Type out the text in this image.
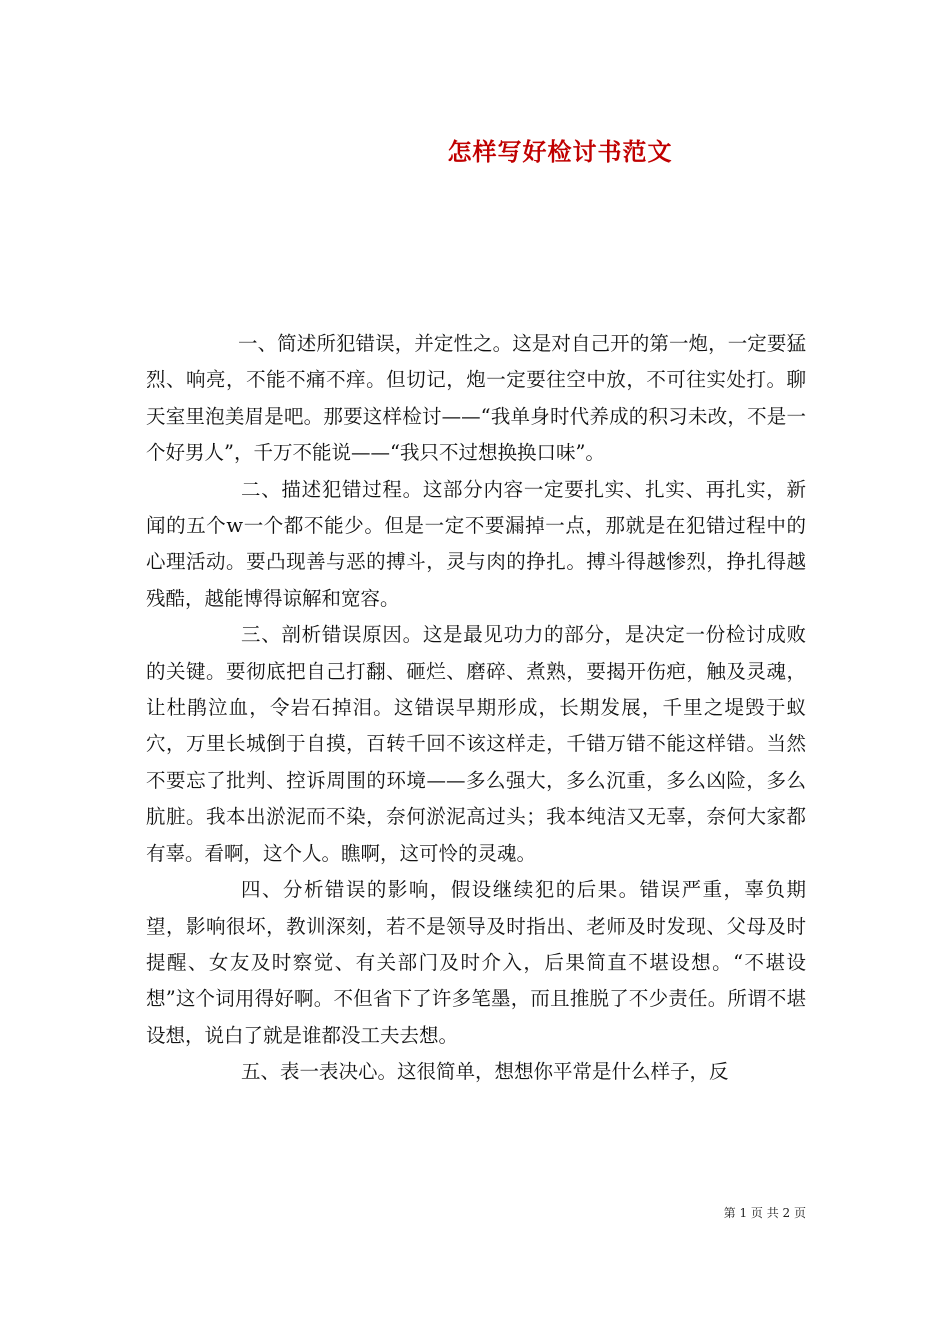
怎样写好检讨书范文

一、简述所犯错误，并定性之。这是对自己开的第一炮，一定要猛烈、响亮，不能不痛不痒。但切记，炮一定要往空中放，不可往实处打。聊天室里泡美眉是吧。那要这样检讨——“我单身时代养成的积习未改，不是一个好男人”，千万不能说——“我只不过想换换口味”。

二、描述犯错过程。这部分内容一定要扎实、扎实、再扎实，新闻的五个w一个都不能少。但是一定不要漏掉一点，那就是在犯错过程中的心理活动。要凸现善与恶的搏斗，灵与肉的挣扎。搏斗得越惨烈，挣扎得越残酷，越能博得谅解和宽容。

三、剖析错误原因。这是最见功力的部分，是决定一份检讨成败的关键。要彻底把自己打翻、砸烂、磨碎、煮熟，要揭开伤疤，触及灵魂，让杜鹃泣血，令岩石掉泪。这错误早期形成，长期发展，千里之堤毁于蚁穴，万里长城倒于自摸，百转千回不该这样走，千错万错不能这样错。当然不要忘了批判、控诉周围的环境——多么强大，多么沉重，多么凶险，多么肮脏。我本出淤泥而不染，奈何淤泥高过头；我本纯洁又无辜，奈何大家都有辜。看啊，这个人。瞧啊，这可怜的灵魂。

四、分析错误的影响，假设继续犯的后果。错误严重，辜负期望，影响很坏，教训深刻，若不是领导及时指出、老师及时发现、父母及时提醒、女友及时察觉、有关部门及时介入，后果简直不堪设想。“不堪设想”这个词用得好啊。不但省下了许多笔墨，而且推脱了不少责任。所谓不堪设想，说白了就是谁都没工夫去想。

五、表一表决心。这很简单，想想你平常是什么样子，反

第 1 页 共 2 页
